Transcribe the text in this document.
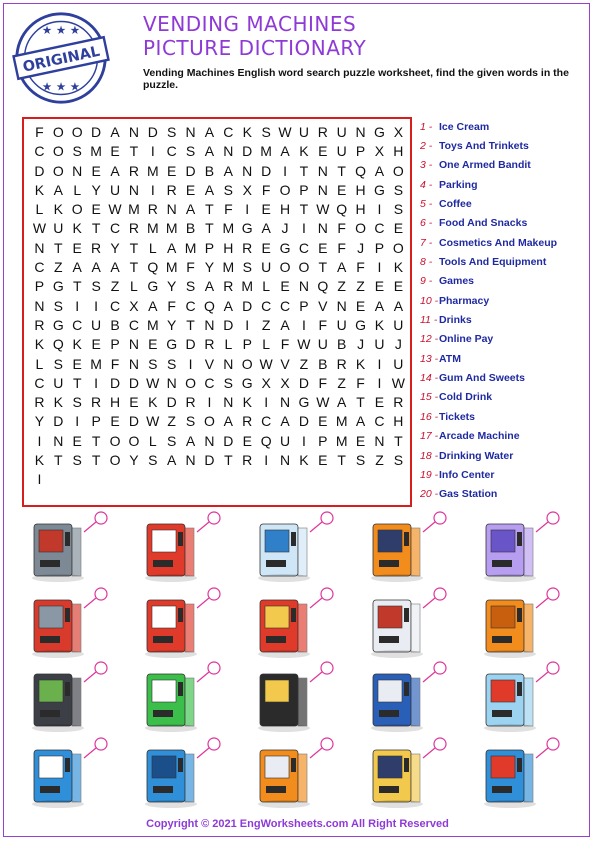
ORIGINAL
★ ★ ★
★ ★ ★
VENDING MACHINES
PICTURE DICTIONARY
Vending Machines English word search puzzle worksheet, find the given words in the puzzle.
F O O D A N D S N A C K S W U R U N G X
C O S M E T I C S A N D M A K E U P X H
D O N E A R M E D B A N D I T N T Q A O
K A L Y U N I R E A S X F O P N E H G S
L K O E W M R N A T F I E H T W Q H I S
W U K T C R M M B T M G A J I N F O C E
N T E R Y T L A M P H R E G C E F J P O
C Z A A A T Q M F Y M S U O O T A F I K
P G T S Z L G Y S A R M L E N Q Z Z E E
N S I	I C X A F C Q A D C C P V N E A A
R G C U B C M Y T N D I Z A I F U G K U
K Q K E P N E G D R L P L F W U B J U J
L S E M F N S S I V N O W V Z B R K I U
C U T I D D W N O C S G X X D F Z F I W
R K S R H E K D R I N K I N G W A T E R
Y D I P E D W Z S O A R C A D E M A C H
I N E T O O L S A N D E Q U I P M E N T
K T S T O Y S A N D T R I N K E T S Z S
I
1 - Ice Cream
2 - Toys And Trinkets
3 - One Armed Bandit
4 - Parking
5 - Coffee
6 - Food And Snacks
7 - Cosmetics And Makeup
8 - Tools And Equipment
9 - Games
10 - Pharmacy
11 - Drinks
12 - Online Pay
13 - ATM
14 - Gum And Sweets
15 - Cold Drink
16 - Tickets
17 - Arcade Machine
18 - Drinking Water
19 - Info Center
20 - Gas Station
Copyright © 2021 EngWorksheets.com All Right Reserved
